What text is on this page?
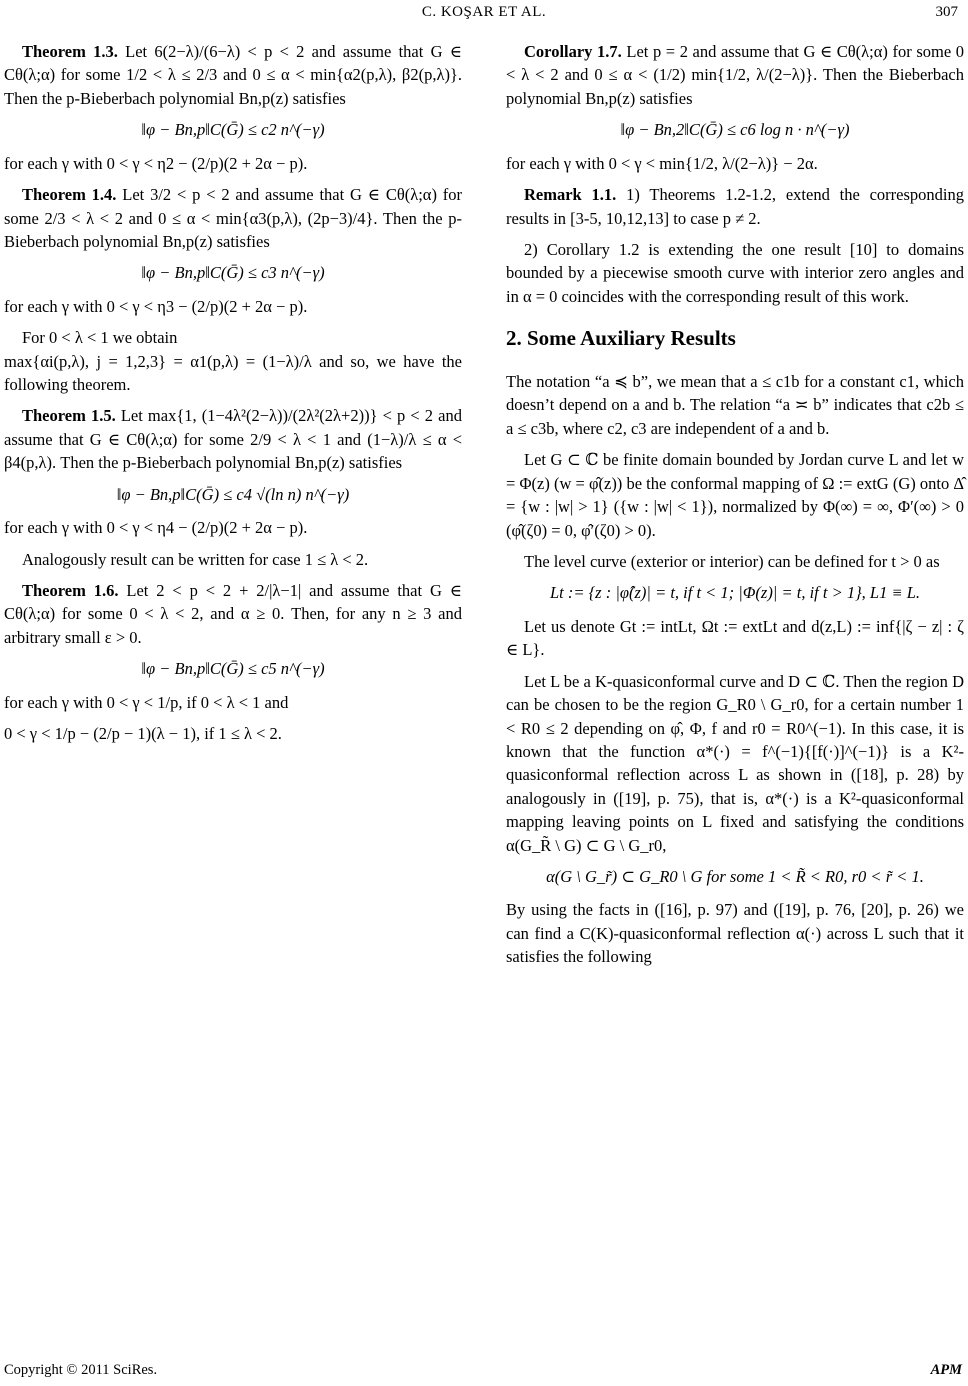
C. KOŞAR ET AL.	307

Theorem 1.3. Let 6(2−λ)/(6−λ) < p < 2 and assume that G ∈ Cθ(λ;α) for some 1/2 < λ ≤ 2/3 and 0 ≤ α < min{α2(p,λ), β2(p,λ)}. Then the p-Bieberbach polynomial Bn,p(z) satisfies

‖φ − Bn,p‖C(Ḡ) ≤ c2 n^(−γ)

for each γ with 0 < γ < η2 − (2/p)(2 + 2α − p).

Theorem 1.4. Let 3/2 < p < 2 and assume that G ∈ Cθ(λ;α) for some 2/3 < λ < 2 and 0 ≤ α < min{α3(p,λ), (2p−3)/4}. Then the p-Bieberbach polynomial Bn,p(z) satisfies

‖φ − Bn,p‖C(Ḡ) ≤ c3 n^(−γ)

for each γ with 0 < γ < η3 − (2/p)(2 + 2α − p).

For 0 < λ < 1 we obtain
max{αi(p,λ), j = 1,2,3} = α1(p,λ) = (1−λ)/λ and so, we have the following theorem.

Theorem 1.5. Let max{1, (1−4λ²(2−λ))/(2λ²(2λ+2))} < p < 2 and assume that G ∈ Cθ(λ;α) for some 2/9 < λ < 1 and (1−λ)/λ ≤ α < β4(p,λ). Then the p-Bieberbach polynomial Bn,p(z) satisfies

‖φ − Bn,p‖C(Ḡ) ≤ c4 √(ln n) n^(−γ)

for each γ with 0 < γ < η4 − (2/p)(2 + 2α − p).

Analogously result can be written for case 1 ≤ λ < 2.

Theorem 1.6. Let 2 < p < 2 + 2/|λ−1| and assume that G ∈ Cθ(λ;α) for some 0 < λ < 2, and α ≥ 0. Then, for any n ≥ 3 and arbitrary small ε > 0.

‖φ − Bn,p‖C(Ḡ) ≤ c5 n^(−γ)

for each γ with 0 < γ < 1/p, if 0 < λ < 1 and

0 < γ < 1/p − (2/p − 1)(λ − 1), if 1 ≤ λ < 2.

Corollary 1.7. Let p = 2 and assume that G ∈ Cθ(λ;α) for some 0 < λ < 2 and 0 ≤ α < (1/2) min{1/2, λ/(2−λ)}. Then the Bieberbach polynomial Bn,p(z) satisfies

‖φ − Bn,2‖C(Ḡ) ≤ c6 log n · n^(−γ)

for each γ with 0 < γ < min{1/2, λ/(2−λ)} − 2α.

Remark 1.1. 1) Theorems 1.2-1.2, extend the corresponding results in [3-5, 10,12,13] to case p ≠ 2.

2) Corollary 1.2 is extending the one result [10] to domains bounded by a piecewise smooth curve with interior zero angles and in α = 0 coincides with the corresponding result of this work.

2. Some Auxiliary Results

The notation “a ≼ b”, we mean that a ≤ c1b for a constant c1, which doesn’t depend on a and b. The relation “a ≍ b” indicates that c2b ≤ a ≤ c3b, where c2, c3 are independent of a and b.

Let G ⊂ ℂ be finite domain bounded by Jordan curve L and let w = Φ(z) (w = φ̂(z)) be the conformal mapping of Ω := extG (G) onto Δ̂ = {w : |w| > 1} ({w : |w| < 1}), normalized by Φ(∞) = ∞, Φ′(∞) > 0 (φ̂(ζ0) = 0, φ̂′(ζ0) > 0).

The level curve (exterior or interior) can be defined for t > 0 as

Lt := {z : |φ̂(z)| = t, if t < 1; |Φ(z)| = t, if t > 1}, L1 ≡ L.

Let us denote Gt := intLt, Ωt := extLt and d(z,L) := inf{|ζ − z| : ζ ∈ L}.

Let L be a K-quasiconformal curve and D ⊂ ℂ. Then the region D can be chosen to be the region G_R0 \ G_r0, for a certain number 1 < R0 ≤ 2 depending on φ̂, Φ, f and r0 = R0^(−1). In this case, it is known that the function α*(·) = f^(−1){[f(·)]^(−1)} is a K²-quasiconformal reflection across L as shown in ([18], p. 28) by analogously in ([19], p. 75), that is, α*(·) is a K²-quasiconformal mapping leaving points on L fixed and satisfying the conditions α(G_R̃ \ G) ⊂ G \ G_r0,

α(G \ G_r̃) ⊂ G_R0 \ G for some 1 < R̃ < R0, r0 < r̃ < 1.

By using the facts in ([16], p. 97) and ([19], p. 76, [20], p. 26) we can find a C(K)-quasiconformal reflection α(·) across L such that it satisfies the following

Copyright © 2011 SciRes.	APM
